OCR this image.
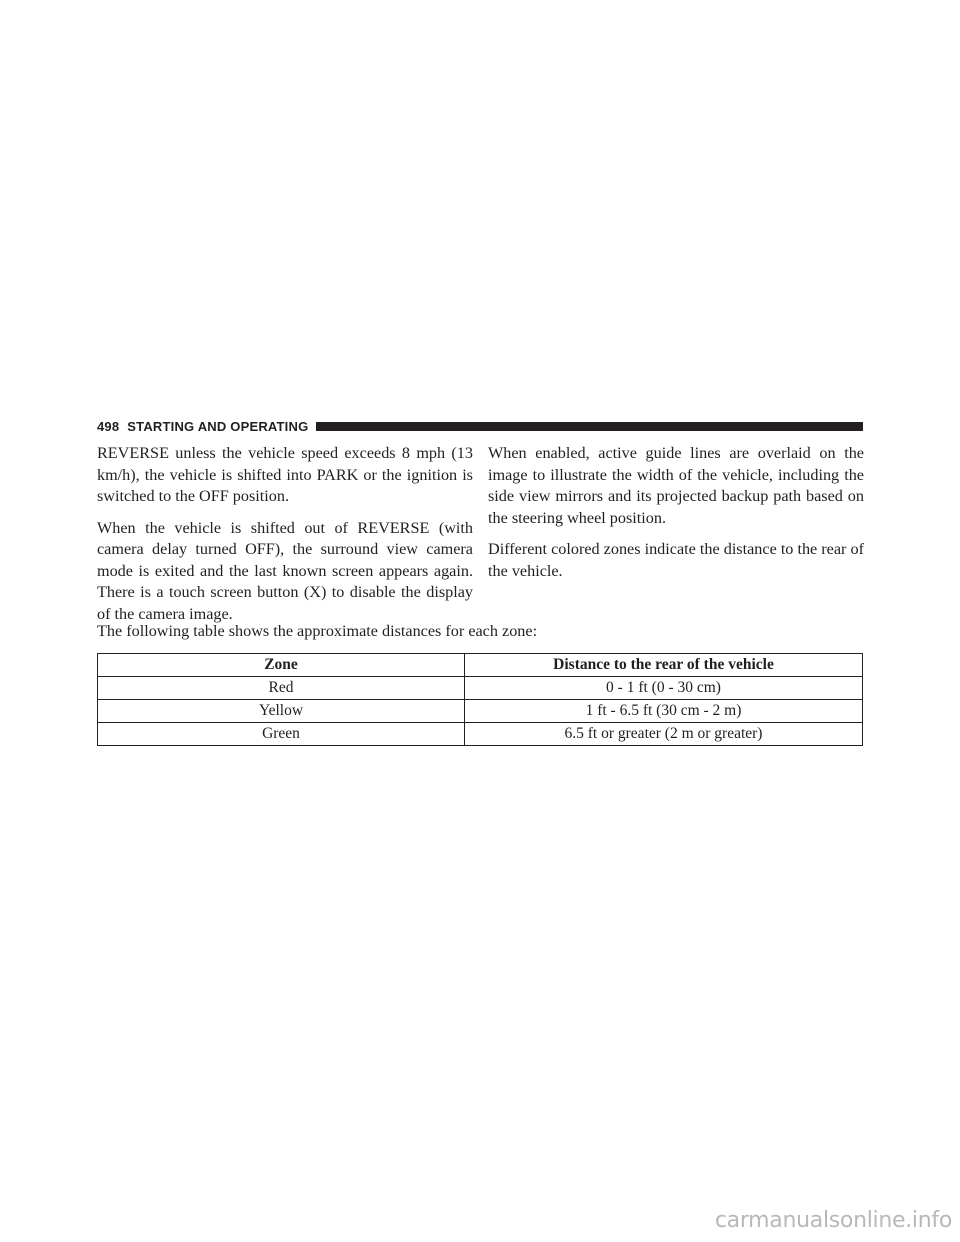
498 STARTING AND OPERATING

REVERSE unless the vehicle speed exceeds 8 mph (13 km/h), the vehicle is shifted into PARK or the ignition is switched to the OFF position.

When the vehicle is shifted out of REVERSE (with camera delay turned OFF), the surround view camera mode is exited and the last known screen appears again. There is a touch screen button (X) to disable the display of the camera image.

When enabled, active guide lines are overlaid on the image to illustrate the width of the vehicle, including the side view mirrors and its projected backup path based on the steering wheel position.

Different colored zones indicate the distance to the rear of the vehicle.

The following table shows the approximate distances for each zone:

Zone	Distance to the rear of the vehicle
Red	0 - 1 ft (0 - 30 cm)
Yellow	1 ft - 6.5 ft (30 cm - 2 m)
Green	6.5 ft or greater (2 m or greater)
carmanualsonline.info
